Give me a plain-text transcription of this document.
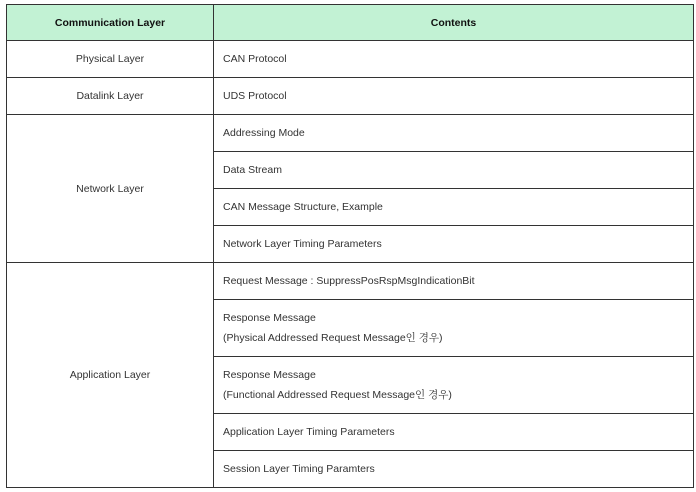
Communication Layer	Contents
Physical Layer	CAN Protocol

Datalink Layer	UDS Protocol

Network Layer	Addressing Mode

	Data Stream

	CAN Message Structure, Example

	Network Layer Timing Parameters

Application Layer	Request Message : SuppressPosRspMsgIndicationBit

	Response Message
(Physical Addressed Request Message인 경우)

	Response Message
(Functional Addressed Request Message인 경우)

	Application Layer Timing Parameters

	Session Layer Timing Paramters
